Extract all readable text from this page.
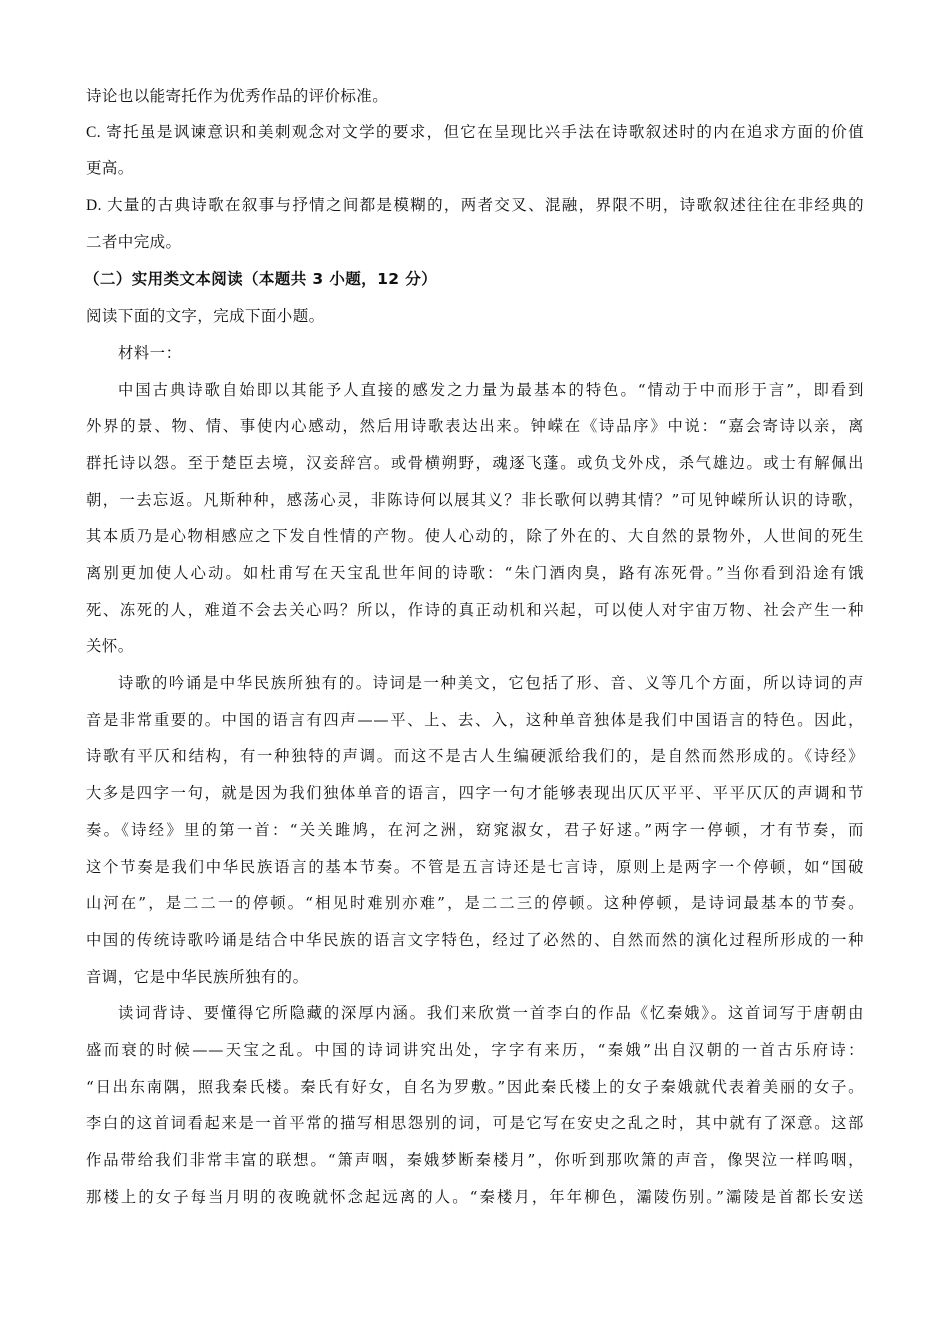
诗论也以能寄托作为优秀作品的评价标准。
C. 寄托虽是讽谏意识和美刺观念对文学的要求，但它在呈现比兴手法在诗歌叙述时的内在追求方面的价值
更高。
D. 大量的古典诗歌在叙事与抒情之间都是模糊的，两者交叉、混融，界限不明，诗歌叙述往往在非经典的
二者中完成。
（二）实用类文本阅读（本题共 3 小题，12 分）
阅读下面的文字，完成下面小题。
材料一：
中国古典诗歌自始即以其能予人直接的感发之力量为最基本的特色。“情动于中而形于言”，即看到
外界的景、物、情、事使内心感动，然后用诗歌表达出来。钟嵘在《诗品序》中说：“嘉会寄诗以亲，离
群托诗以怨。至于楚臣去境，汉妾辞宫。或骨横朔野，魂逐飞蓬。或负戈外戍，杀气雄边。或士有解佩出
朝，一去忘返。凡斯种种，感荡心灵，非陈诗何以展其义？非长歌何以骋其情？”可见钟嵘所认识的诗歌，
其本质乃是心物相感应之下发自性情的产物。使人心动的，除了外在的、大自然的景物外，人世间的死生
离别更加使人心动。如杜甫写在天宝乱世年间的诗歌：“朱门酒肉臭，路有冻死骨。”当你看到沿途有饿
死、冻死的人，难道不会去关心吗？所以，作诗的真正动机和兴起，可以使人对宇宙万物、社会产生一种
关怀。
诗歌的吟诵是中华民族所独有的。诗词是一种美文，它包括了形、音、义等几个方面，所以诗词的声
音是非常重要的。中国的语言有四声——平、上、去、入，这种单音独体是我们中国语言的特色。因此，
诗歌有平仄和结构，有一种独特的声调。而这不是古人生编硬派给我们的，是自然而然形成的。《诗经》
大多是四字一句，就是因为我们独体单音的语言，四字一句才能够表现出仄仄平平、平平仄仄的声调和节
奏。《诗经》里的第一首：“关关雎鸠，在河之洲，窈窕淑女，君子好逑。”两字一停顿，才有节奏，而
这个节奏是我们中华民族语言的基本节奏。不管是五言诗还是七言诗，原则上是两字一个停顿，如“国破
山河在”，是二二一的停顿。“相见时难别亦难”，是二二三的停顿。这种停顿，是诗词最基本的节奏。
中国的传统诗歌吟诵是结合中华民族的语言文字特色，经过了必然的、自然而然的演化过程所形成的一种
音调，它是中华民族所独有的。
读词背诗、要懂得它所隐藏的深厚内涵。我们来欣赏一首李白的作品《忆秦娥》。这首词写于唐朝由
盛而衰的时候——天宝之乱。中国的诗词讲究出处，字字有来历，“秦娥”出自汉朝的一首古乐府诗：
“日出东南隅，照我秦氏楼。秦氏有好女，自名为罗敷。”因此秦氏楼上的女子秦娥就代表着美丽的女子。
李白的这首词看起来是一首平常的描写相思怨别的词，可是它写在安史之乱之时，其中就有了深意。这部
作品带给我们非常丰富的联想。“箫声咽，秦娥梦断秦楼月”，你听到那吹箫的声音，像哭泣一样呜咽，
那楼上的女子每当月明的夜晚就怀念起远离的人。“秦楼月，年年柳色，灞陵伤别。”灞陵是首都长安送
